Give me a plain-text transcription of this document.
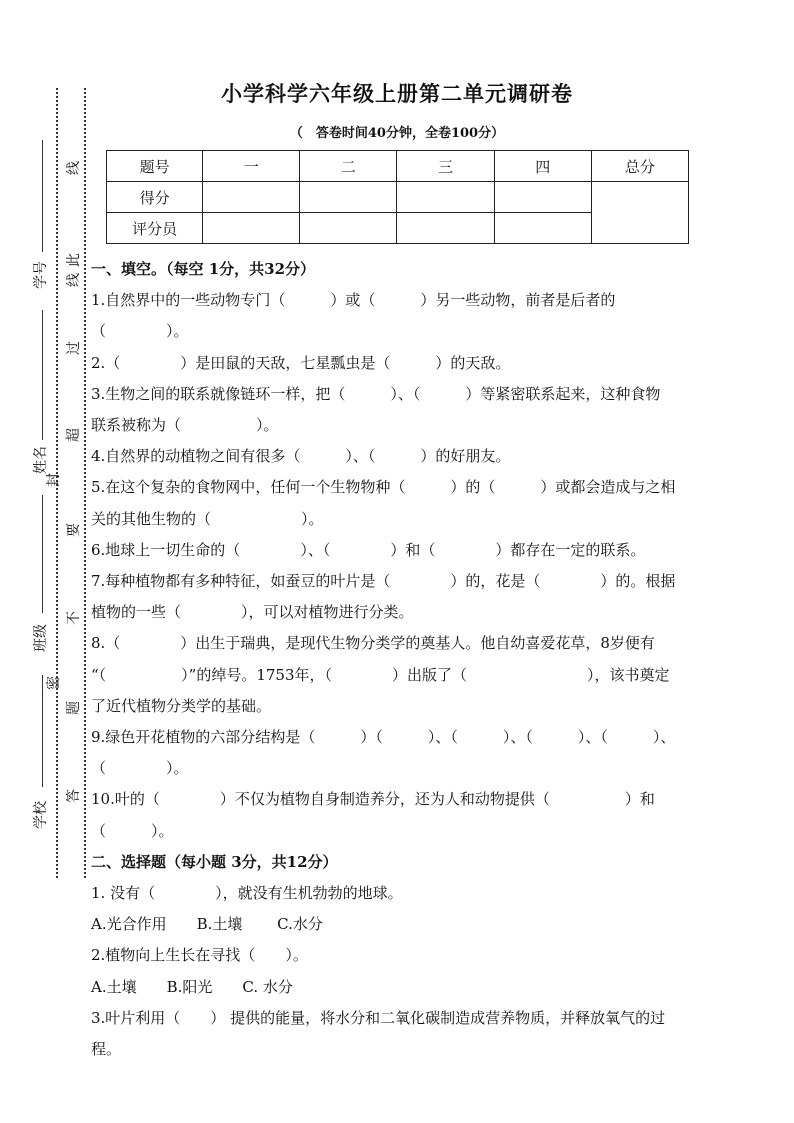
小学科学六年级上册第二单元调研卷
（　答卷时间40分钟，全卷100分）
题号	一	二	三	四	总分
得分					
评分员					
学号
姓名
班级
学校
线
线
此
过
超
封
要
不
密
题
答
一、填空。（每空 1分，共32分）
1.自然界中的一些动物专门（　　　）或（　　　）另一些动物，前者是后者的
（　　　　）。
2.（　　　　）是田鼠的天敌，七星瓢虫是（　　　）的天敌。
3.生物之间的联系就像链环一样，把（　　　）、（　　　）等紧密联系起来，这种食物
联系被称为（　　　　　）。
4.自然界的动植物之间有很多（　　　）、（　　　）的好朋友。
5.在这个复杂的食物网中，任何一个生物物种（　　　）的（　　　）或都会造成与之相
关的其他生物的（　　　　　　）。
6.地球上一切生命的（　　　　）、（　　　　）和（　　　　）都存在一定的联系。
7.每种植物都有多种特征，如蚕豆的叶片是（　　　　）的，花是（　　　　）的。根据
植物的一些（　　　　），可以对植物进行分类。
8.（　　　　）出生于瑞典，是现代生物分类学的奠基人。他自幼喜爱花草，8岁便有
“（　　　　　）”的绰号。1753年，（　　　　）出版了（　　　　　　　　），该书奠定
了近代植物分类学的基础。
9.绿色开花植物的六部分结构是（　　　）（　　　）、（　　　）、（　　　）、（　　　）、
（　　　　）。
10.叶的（　　　　）不仅为植物自身制造养分，还为人和动物提供（　　　　　）和
（　　　）。
二、选择题（每小题 3分，共12分）
1. 没有（　　　　），就没有生机勃勃的地球。
A.光合作用　　B.土壤　　 C.水分
2.植物向上生长在寻找（　　）。
A.土壤　　B.阳光　　C. 水分
3.叶片利用（　　） 提供的能量，将水分和二氧化碳制造成营养物质，并释放氧气的过
程。
